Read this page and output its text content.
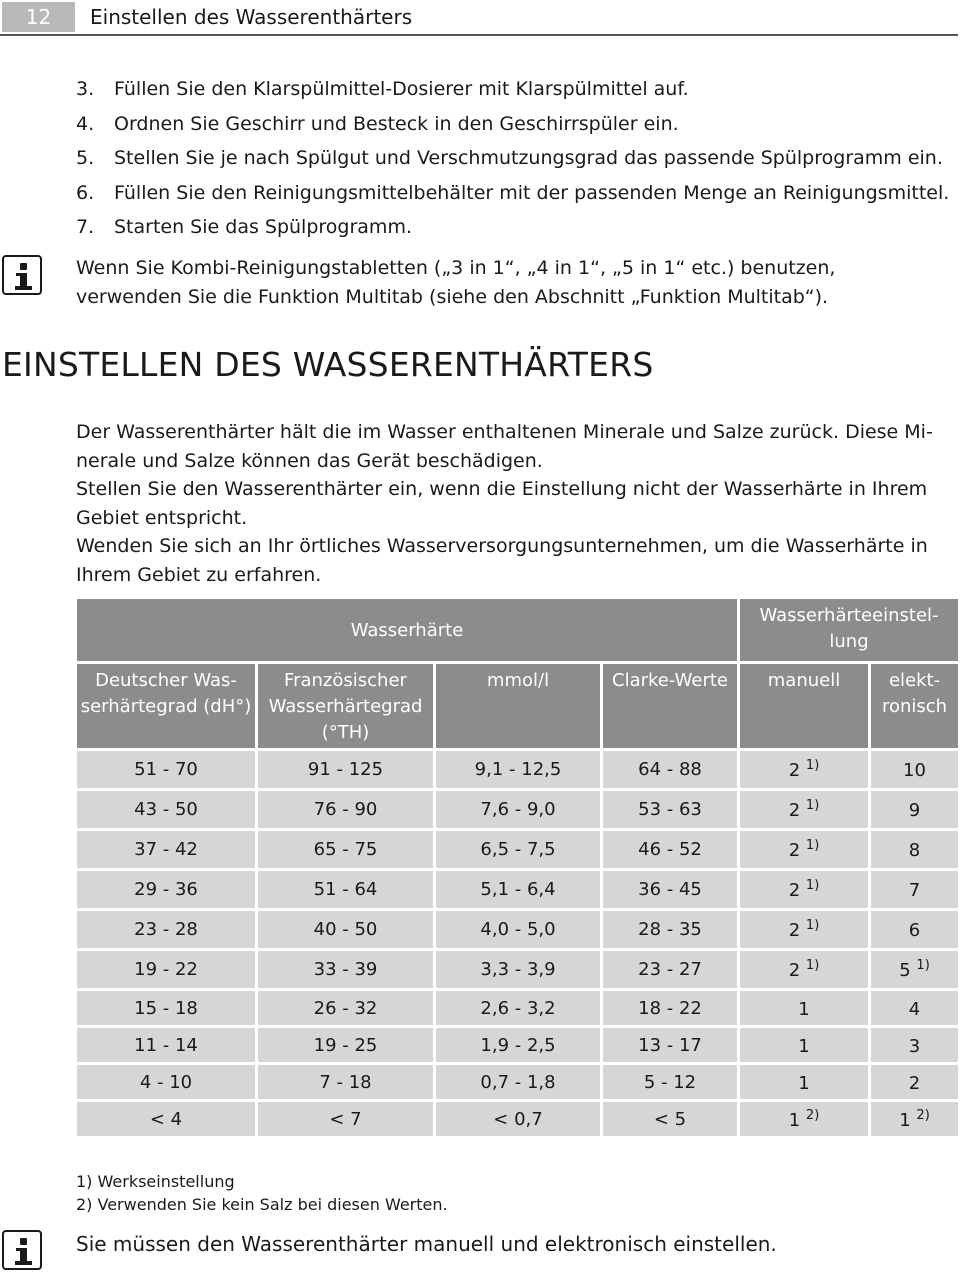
12	Einstellen des Wasserenthärters
3. Füllen Sie den Klarspülmittel-Dosierer mit Klarspülmittel auf.
4. Ordnen Sie Geschirr und Besteck in den Geschirrspüler ein.
5. Stellen Sie je nach Spülgut und Verschmutzungsgrad das passende Spülprogramm ein.
6. Füllen Sie den Reinigungsmittelbehälter mit der passenden Menge an Reinigungsmittel.
7. Starten Sie das Spülprogramm.
Wenn Sie Kombi-Reinigungstabletten („3 in 1“, „4 in 1“, „5 in 1“ etc.) benutzen, verwenden Sie die Funktion Multitab (siehe den Abschnitt „Funktion Multitab“).
EINSTELLEN DES WASSERENTHÄRTERS

Der Wasserenthärter hält die im Wasser enthaltenen Minerale und Salze zurück. Diese Mi-nerale und Salze können das Gerät beschädigen.

Stellen Sie den Wasserenthärter ein, wenn die Einstellung nicht der Wasserhärte in Ihrem Gebiet entspricht.

Wenden Sie sich an Ihr örtliches Wasserversorgungsunternehmen, um die Wasserhärte in Ihrem Gebiet zu erfahren.

Wasserhärte				Wasserhärteeinstel-lung	
Deutscher Was-serhärtegrad (dH°)	Französischer Wasserhärtegrad (°TH)	mmol/l	Clarke-Werte	manuell	elekt-ronisch
51 - 70	91 - 125	9,1 - 12,5	64 - 88	2 $^{1)}$	10
43 - 50	76 - 90	7,6 - 9,0	53 - 63	2 $^{1)}$	9
37 - 42	65 - 75	6,5 - 7,5	46 - 52	2 $^{1)}$	8
29 - 36	51 - 64	5,1 - 6,4	36 - 45	2 $^{1)}$	7
23 - 28	40 - 50	4,0 - 5,0	28 - 35	2 $^{1)}$	6
19 - 22	33 - 39	3,3 - 3,9	23 - 27	2 $^{1)}$	5 $^{1)}$
15 - 18	26 - 32	2,6 - 3,2	18 - 22	1	4
11 - 14	19 - 25	1,9 - 2,5	13 - 17	1	3
4 - 10	7 - 18	0,7 - 1,8	5 - 12	1	2
< 4	< 7	< 0,7	< 5	1 $^{2)}$	1 $^{2)}$
1) Werkseinstellung
2) Verwenden Sie kein Salz bei diesen Werten.
Sie müssen den Wasserenthärter manuell und elektronisch einstellen.
